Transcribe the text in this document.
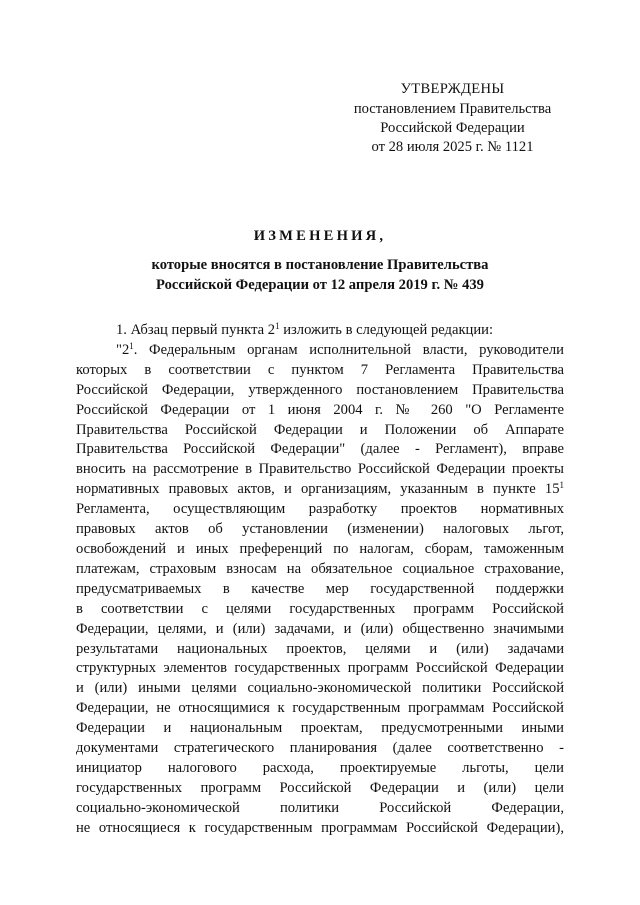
УТВЕРЖДЕНЫ
постановлением Правительства
Российской Федерации
от 28 июля 2025 г. № 1121
ИЗМЕНЕНИЯ,
которые вносятся в постановление Правительства
Российской Федерации от 12 апреля 2019 г. № 439

1. Абзац первый пункта $2^1$ изложить в следующей редакции:

"$2^1$. Федеральным органам исполнительной власти, руководители

которых в соответствии с пунктом 7 Регламента Правительства

Российской Федерации, утвержденного постановлением Правительства

Российской Федерации от 1 июня 2004 г. № 260 "О Регламенте

Правительства Российской Федерации и Положении об Аппарате

Правительства Российской Федерации" (далее - Регламент), вправе

вносить на рассмотрение в Правительство Российской Федерации проекты

нормативных правовых актов, и организациям, указанным в пункте $15^1$

Регламента, осуществляющим разработку проектов нормативных

правовых актов об установлении (изменении) налоговых льгот,

освобождений и иных преференций по налогам, сборам, таможенным

платежам, страховым взносам на обязательное социальное страхование,

предусматриваемых в качестве мер государственной поддержки

в соответствии с целями государственных программ Российской

Федерации, целями, и (или) задачами, и (или) общественно значимыми

результатами национальных проектов, целями и (или) задачами

структурных элементов государственных программ Российской Федерации

и (или) иными целями социально-экономической политики Российской

Федерации, не относящимися к государственным программам Российской

Федерации и национальным проектам, предусмотренными иными

документами стратегического планирования (далее соответственно -

инициатор налогового расхода, проектируемые льготы, цели

государственных программ Российской Федерации и (или) цели

социально-экономической политики Российской Федерации,

не относящиеся к государственным программам Российской Федерации),
